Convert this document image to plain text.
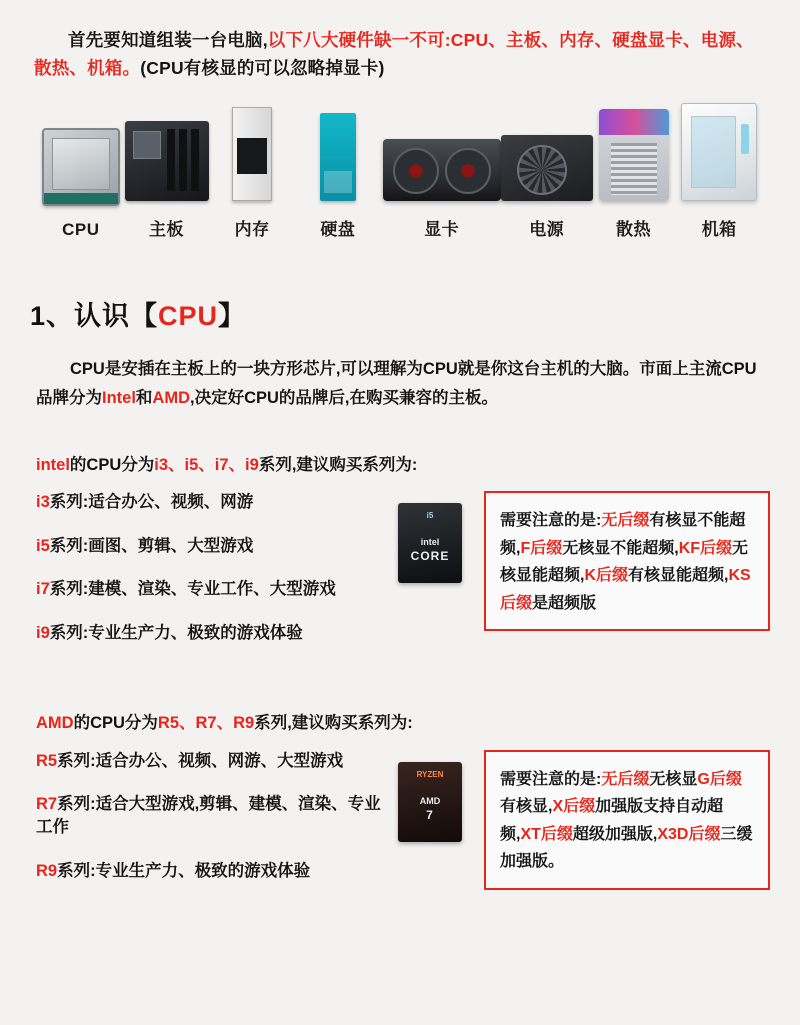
首先要知道组装一台电脑,以下八大硬件缺一不可:CPU、主板、内存、硬盘显卡、电源、散热、机箱。(CPU有核显的可以忽略掉显卡)

CPU	主板	内存	硬盘	显卡	电源	散热	机箱
1、认识【CPU】

CPU是安插在主板上的一块方形芯片,可以理解为CPU就是你这台主机的大脑。市面上主流CPU品牌分为Intel和AMD,决定好CPU的品牌后,在购买兼容的主板。

intel的CPU分为i3、i5、i7、i9系列,建议购买系列为:

i3系列:适合办公、视频、网游
i5系列:画图、剪辑、大型游戏
i7系列:建模、渲染、专业工作、大型游戏
i9系列:专业生产力、极致的游戏体验
i5
intel
CORE
需要注意的是:无后缀有核显不能超频,F后缀无核显不能超频,KF后缀无核显能超频,K后缀有核显能超频,KS后缀是超频版

AMD的CPU分为R5、R7、R9系列,建议购买系列为:

R5系列:适合办公、视频、网游、大型游戏
R7系列:适合大型游戏,剪辑、建模、渲染、专业工作
R9系列:专业生产力、极致的游戏体验
RYZEN
AMD
7
需要注意的是:无后缀无核显G后缀有核显,X后缀加强版支持自动超频,XT后缀超级加强版,X3D后缀三缓加强版。
